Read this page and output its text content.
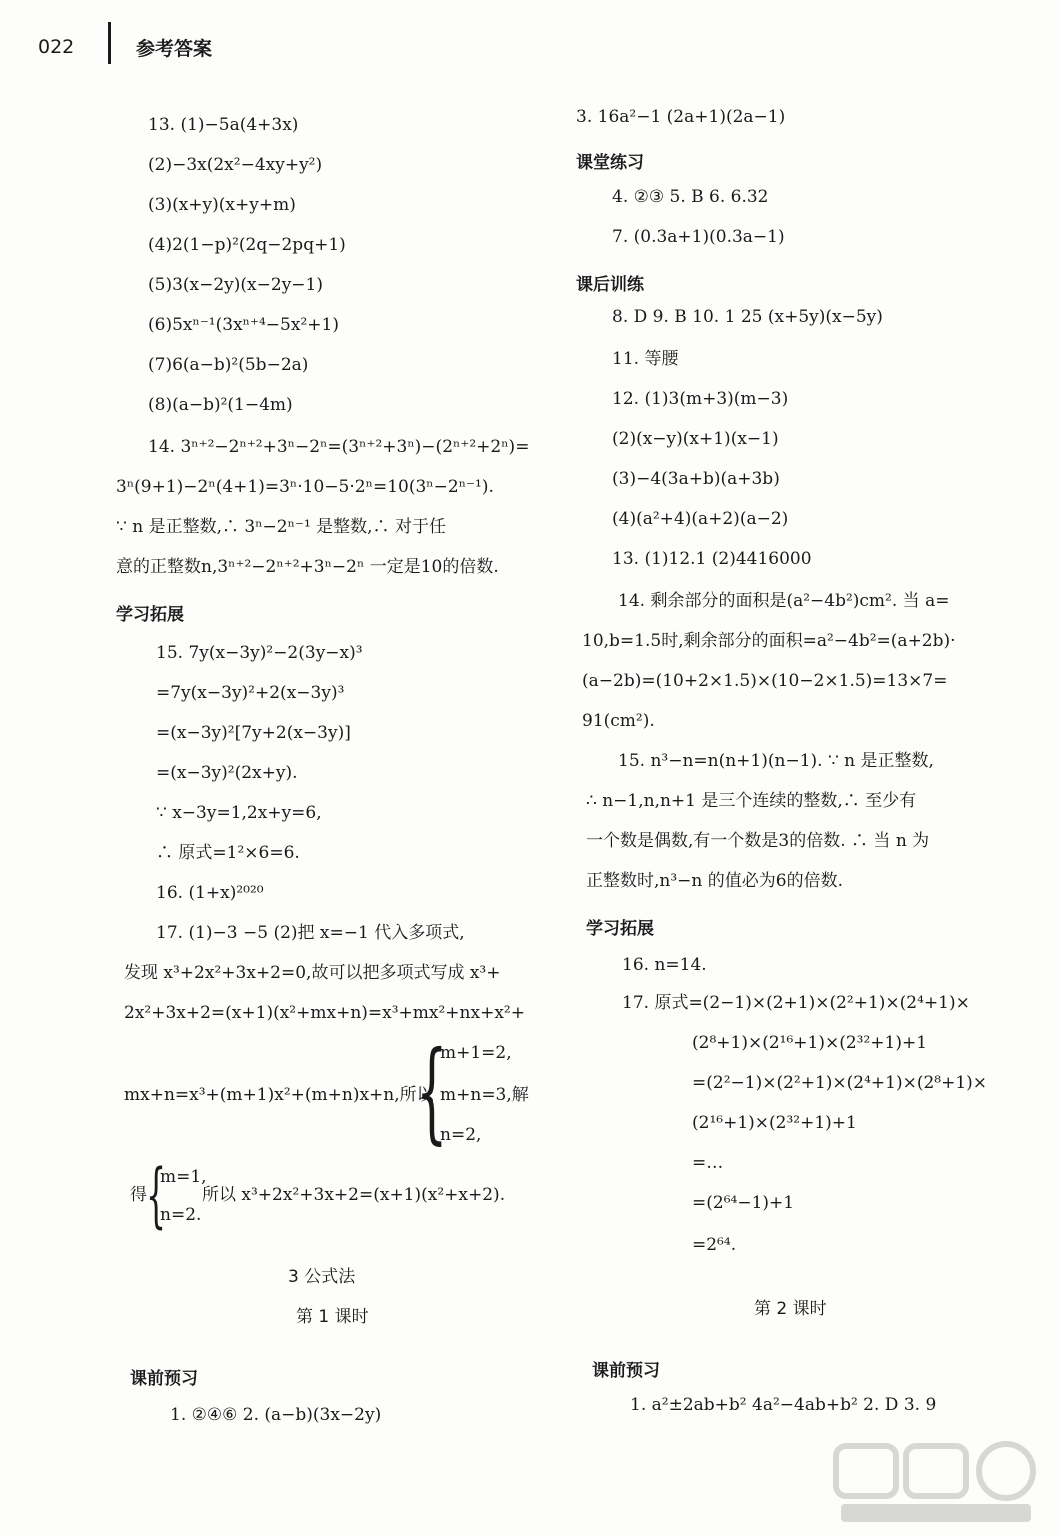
022	参考答案
13. (1)−5a(4+3x)
(2)−3x(2x²−4xy+y²)
(3)(x+y)(x+y+m)
(4)2(1−p)²(2q−2pq+1)
(5)3(x−2y)(x−2y−1)
(6)5xⁿ⁻¹(3xⁿ⁺⁴−5x²+1)
(7)6(a−b)²(5b−2a)
(8)(a−b)²(1−4m)
14. 3ⁿ⁺²−2ⁿ⁺²+3ⁿ−2ⁿ=(3ⁿ⁺²+3ⁿ)−(2ⁿ⁺²+2ⁿ)=
3ⁿ(9+1)−2ⁿ(4+1)=3ⁿ·10−5·2ⁿ=10(3ⁿ−2ⁿ⁻¹).
∵ n 是正整数,∴ 3ⁿ−2ⁿ⁻¹ 是整数,∴ 对于任
意的正整数n,3ⁿ⁺²−2ⁿ⁺²+3ⁿ−2ⁿ 一定是10的倍数.
学习拓展
15. 7y(x−3y)²−2(3y−x)³
=7y(x−3y)²+2(x−3y)³
=(x−3y)²[7y+2(x−3y)]
=(x−3y)²(2x+y).
∵ x−3y=1,2x+y=6,
∴ 原式=1²×6=6.
16. (1+x)²⁰²⁰
17. (1)−3 −5 (2)把 x=−1 代入多项式,
发现 x³+2x²+3x+2=0,故可以把多项式写成 x³+
2x²+3x+2=(x+1)(x²+mx+n)=x³+mx²+nx+x²+
mx+n=x³+(m+1)x²+(m+n)x+n,所以
{
m+1=2,
m+n=3,解
n=2,
得 {
m=1,
n=2.
所以 x³+2x²+3x+2=(x+1)(x²+x+2).
3 公式法
第 1 课时
课前预习
1. ②④⑥ 2. (a−b)(3x−2y)
3. 16a²−1 (2a+1)(2a−1)
课堂练习
4. ②③ 5. B 6. 6.32
7. (0.3a+1)(0.3a−1)
课后训练
8. D 9. B 10. 1 25 (x+5y)(x−5y)
11. 等腰
12. (1)3(m+3)(m−3)
(2)(x−y)(x+1)(x−1)
(3)−4(3a+b)(a+3b)
(4)(a²+4)(a+2)(a−2)
13. (1)12.1 (2)4416000
14. 剩余部分的面积是(a²−4b²)cm². 当 a=
10,b=1.5时,剩余部分的面积=a²−4b²=(a+2b)·
(a−2b)=(10+2×1.5)×(10−2×1.5)=13×7=
91(cm²).
15. n³−n=n(n+1)(n−1). ∵ n 是正整数,
∴ n−1,n,n+1 是三个连续的整数,∴ 至少有
一个数是偶数,有一个数是3的倍数. ∴ 当 n 为
正整数时,n³−n 的值必为6的倍数.
学习拓展
16. n=14.
17. 原式=(2−1)×(2+1)×(2²+1)×(2⁴+1)×
(2⁸+1)×(2¹⁶+1)×(2³²+1)+1
=(2²−1)×(2²+1)×(2⁴+1)×(2⁸+1)×
(2¹⁶+1)×(2³²+1)+1
=…
=(2⁶⁴−1)+1
=2⁶⁴.
第 2 课时
课前预习
1. a²±2ab+b² 4a²−4ab+b² 2. D 3. 9
